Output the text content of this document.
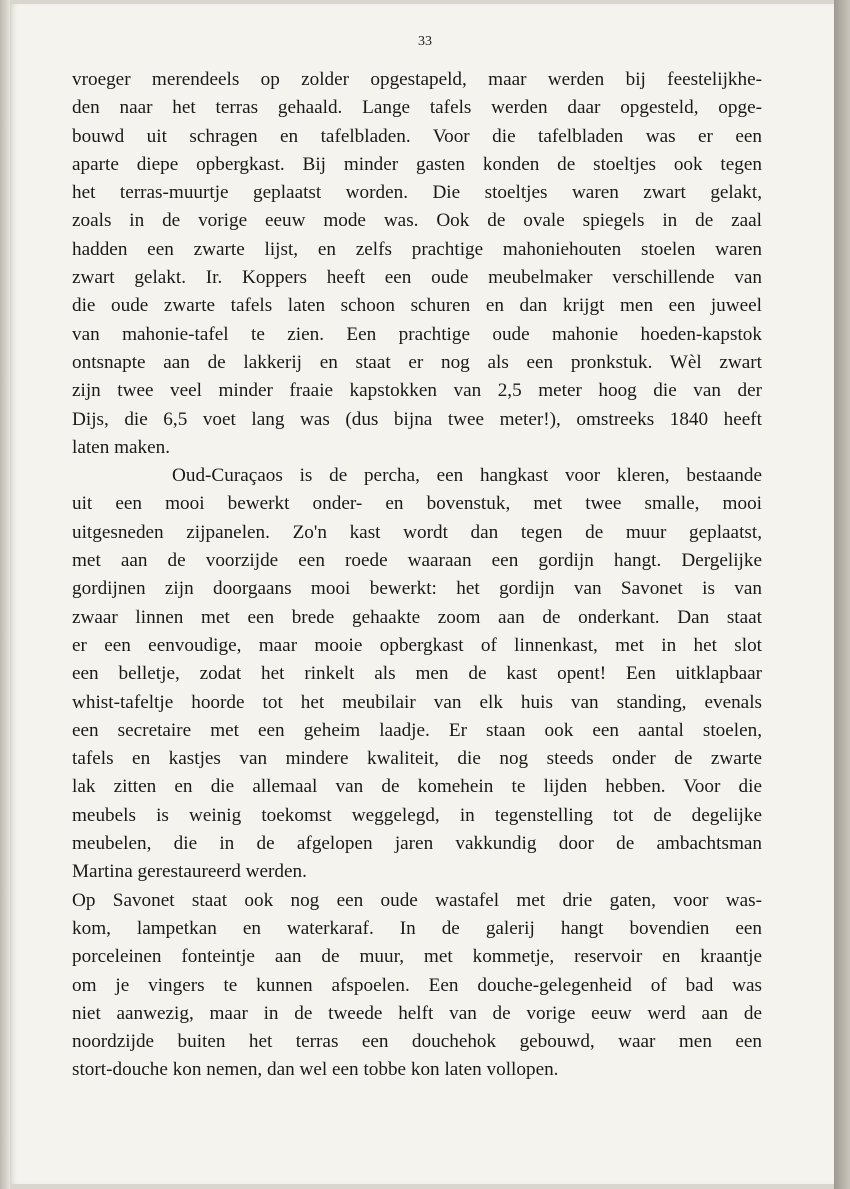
33
vroeger merendeels op zolder opgestapeld, maar werden bij feestelijkhe-
den naar het terras gehaald. Lange tafels werden daar opgesteld, opge-
bouwd uit schragen en tafelbladen. Voor die tafelbladen was er een
aparte diepe opbergkast. Bij minder gasten konden de stoeltjes ook tegen
het terras-muurtje geplaatst worden. Die stoeltjes waren zwart gelakt,
zoals in de vorige eeuw mode was. Ook de ovale spiegels in de zaal
hadden een zwarte lijst, en zelfs prachtige mahoniehouten stoelen waren
zwart gelakt. Ir. Koppers heeft een oude meubelmaker verschillende van
die oude zwarte tafels laten schoon schuren en dan krijgt men een juweel
van mahonie-tafel te zien. Een prachtige oude mahonie hoeden-kapstok
ontsnapte aan de lakkerij en staat er nog als een pronkstuk. Wèl zwart
zijn twee veel minder fraaie kapstokken van 2,5 meter hoog die van der
Dijs, die 6,5 voet lang was (dus bijna twee meter!), omstreeks 1840 heeft
laten maken.
Oud-Curaçaos is de percha, een hangkast voor kleren, bestaande
uit een mooi bewerkt onder- en bovenstuk, met twee smalle, mooi
uitgesneden zijpanelen. Zo'n kast wordt dan tegen de muur geplaatst,
met aan de voorzijde een roede waaraan een gordijn hangt. Dergelijke
gordijnen zijn doorgaans mooi bewerkt: het gordijn van Savonet is van
zwaar linnen met een brede gehaakte zoom aan de onderkant. Dan staat
er een eenvoudige, maar mooie opbergkast of linnenkast, met in het slot
een belletje, zodat het rinkelt als men de kast opent! Een uitklapbaar
whist-tafeltje hoorde tot het meubilair van elk huis van standing, evenals
een secretaire met een geheim laadje. Er staan ook een aantal stoelen,
tafels en kastjes van mindere kwaliteit, die nog steeds onder de zwarte
lak zitten en die allemaal van de komehein te lijden hebben. Voor die
meubels is weinig toekomst weggelegd, in tegenstelling tot de degelijke
meubelen, die in de afgelopen jaren vakkundig door de ambachtsman
Martina gerestaureerd werden.
Op Savonet staat ook nog een oude wastafel met drie gaten, voor was-
kom, lampetkan en waterkaraf. In de galerij hangt bovendien een
porceleinen fonteintje aan de muur, met kommetje, reservoir en kraantje
om je vingers te kunnen afspoelen. Een douche-gelegenheid of bad was
niet aanwezig, maar in de tweede helft van de vorige eeuw werd aan de
noordzijde buiten het terras een douchehok gebouwd, waar men een
stort-douche kon nemen, dan wel een tobbe kon laten vollopen.
